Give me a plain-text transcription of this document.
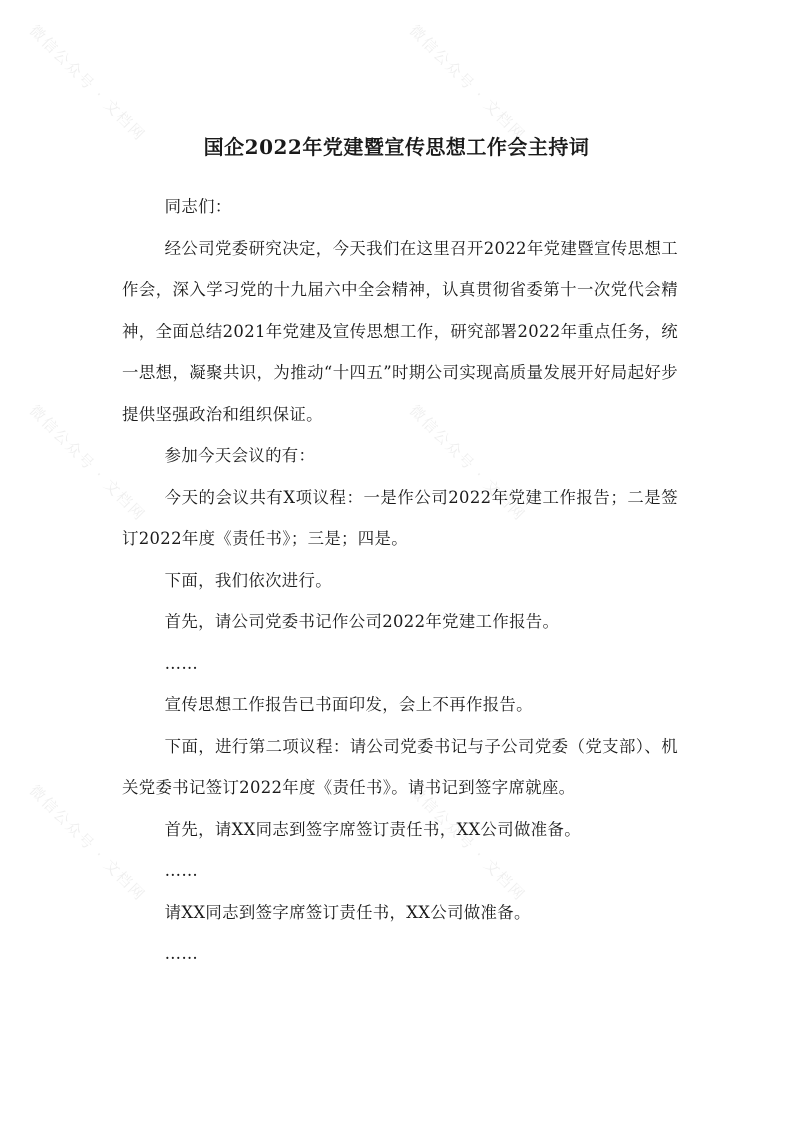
微信公众号 · 文档网	微信公众号 · 文档网
微信公众号 · 文档网	微信公众号 · 文档网
微信公众号 · 文档网	微信公众号 · 文档网
国企2022年党建暨宣传思想工作会主持词

同志们：

经公司党委研究决定，今天我们在这里召开2022年党建暨宣传思想工作会，深入学习党的十九届六中全会精神，认真贯彻省委第十一次党代会精神，全面总结2021年党建及宣传思想工作，研究部署2022年重点任务，统一思想，凝聚共识，为推动“十四五”时期公司实现高质量发展开好局起好步提供坚强政治和组织保证。

参加今天会议的有：

今天的会议共有X项议程：一是作公司2022年党建工作报告；二是签订2022年度《责任书》；三是；四是。

下面，我们依次进行。

首先，请公司党委书记作公司2022年党建工作报告。

……

宣传思想工作报告已书面印发，会上不再作报告。

下面，进行第二项议程：请公司党委书记与子公司党委（党支部）、机关党委书记签订2022年度《责任书》。请书记到签字席就座。

首先，请XX同志到签字席签订责任书，XX公司做准备。

……

请XX同志到签字席签订责任书，XX公司做准备。

……
